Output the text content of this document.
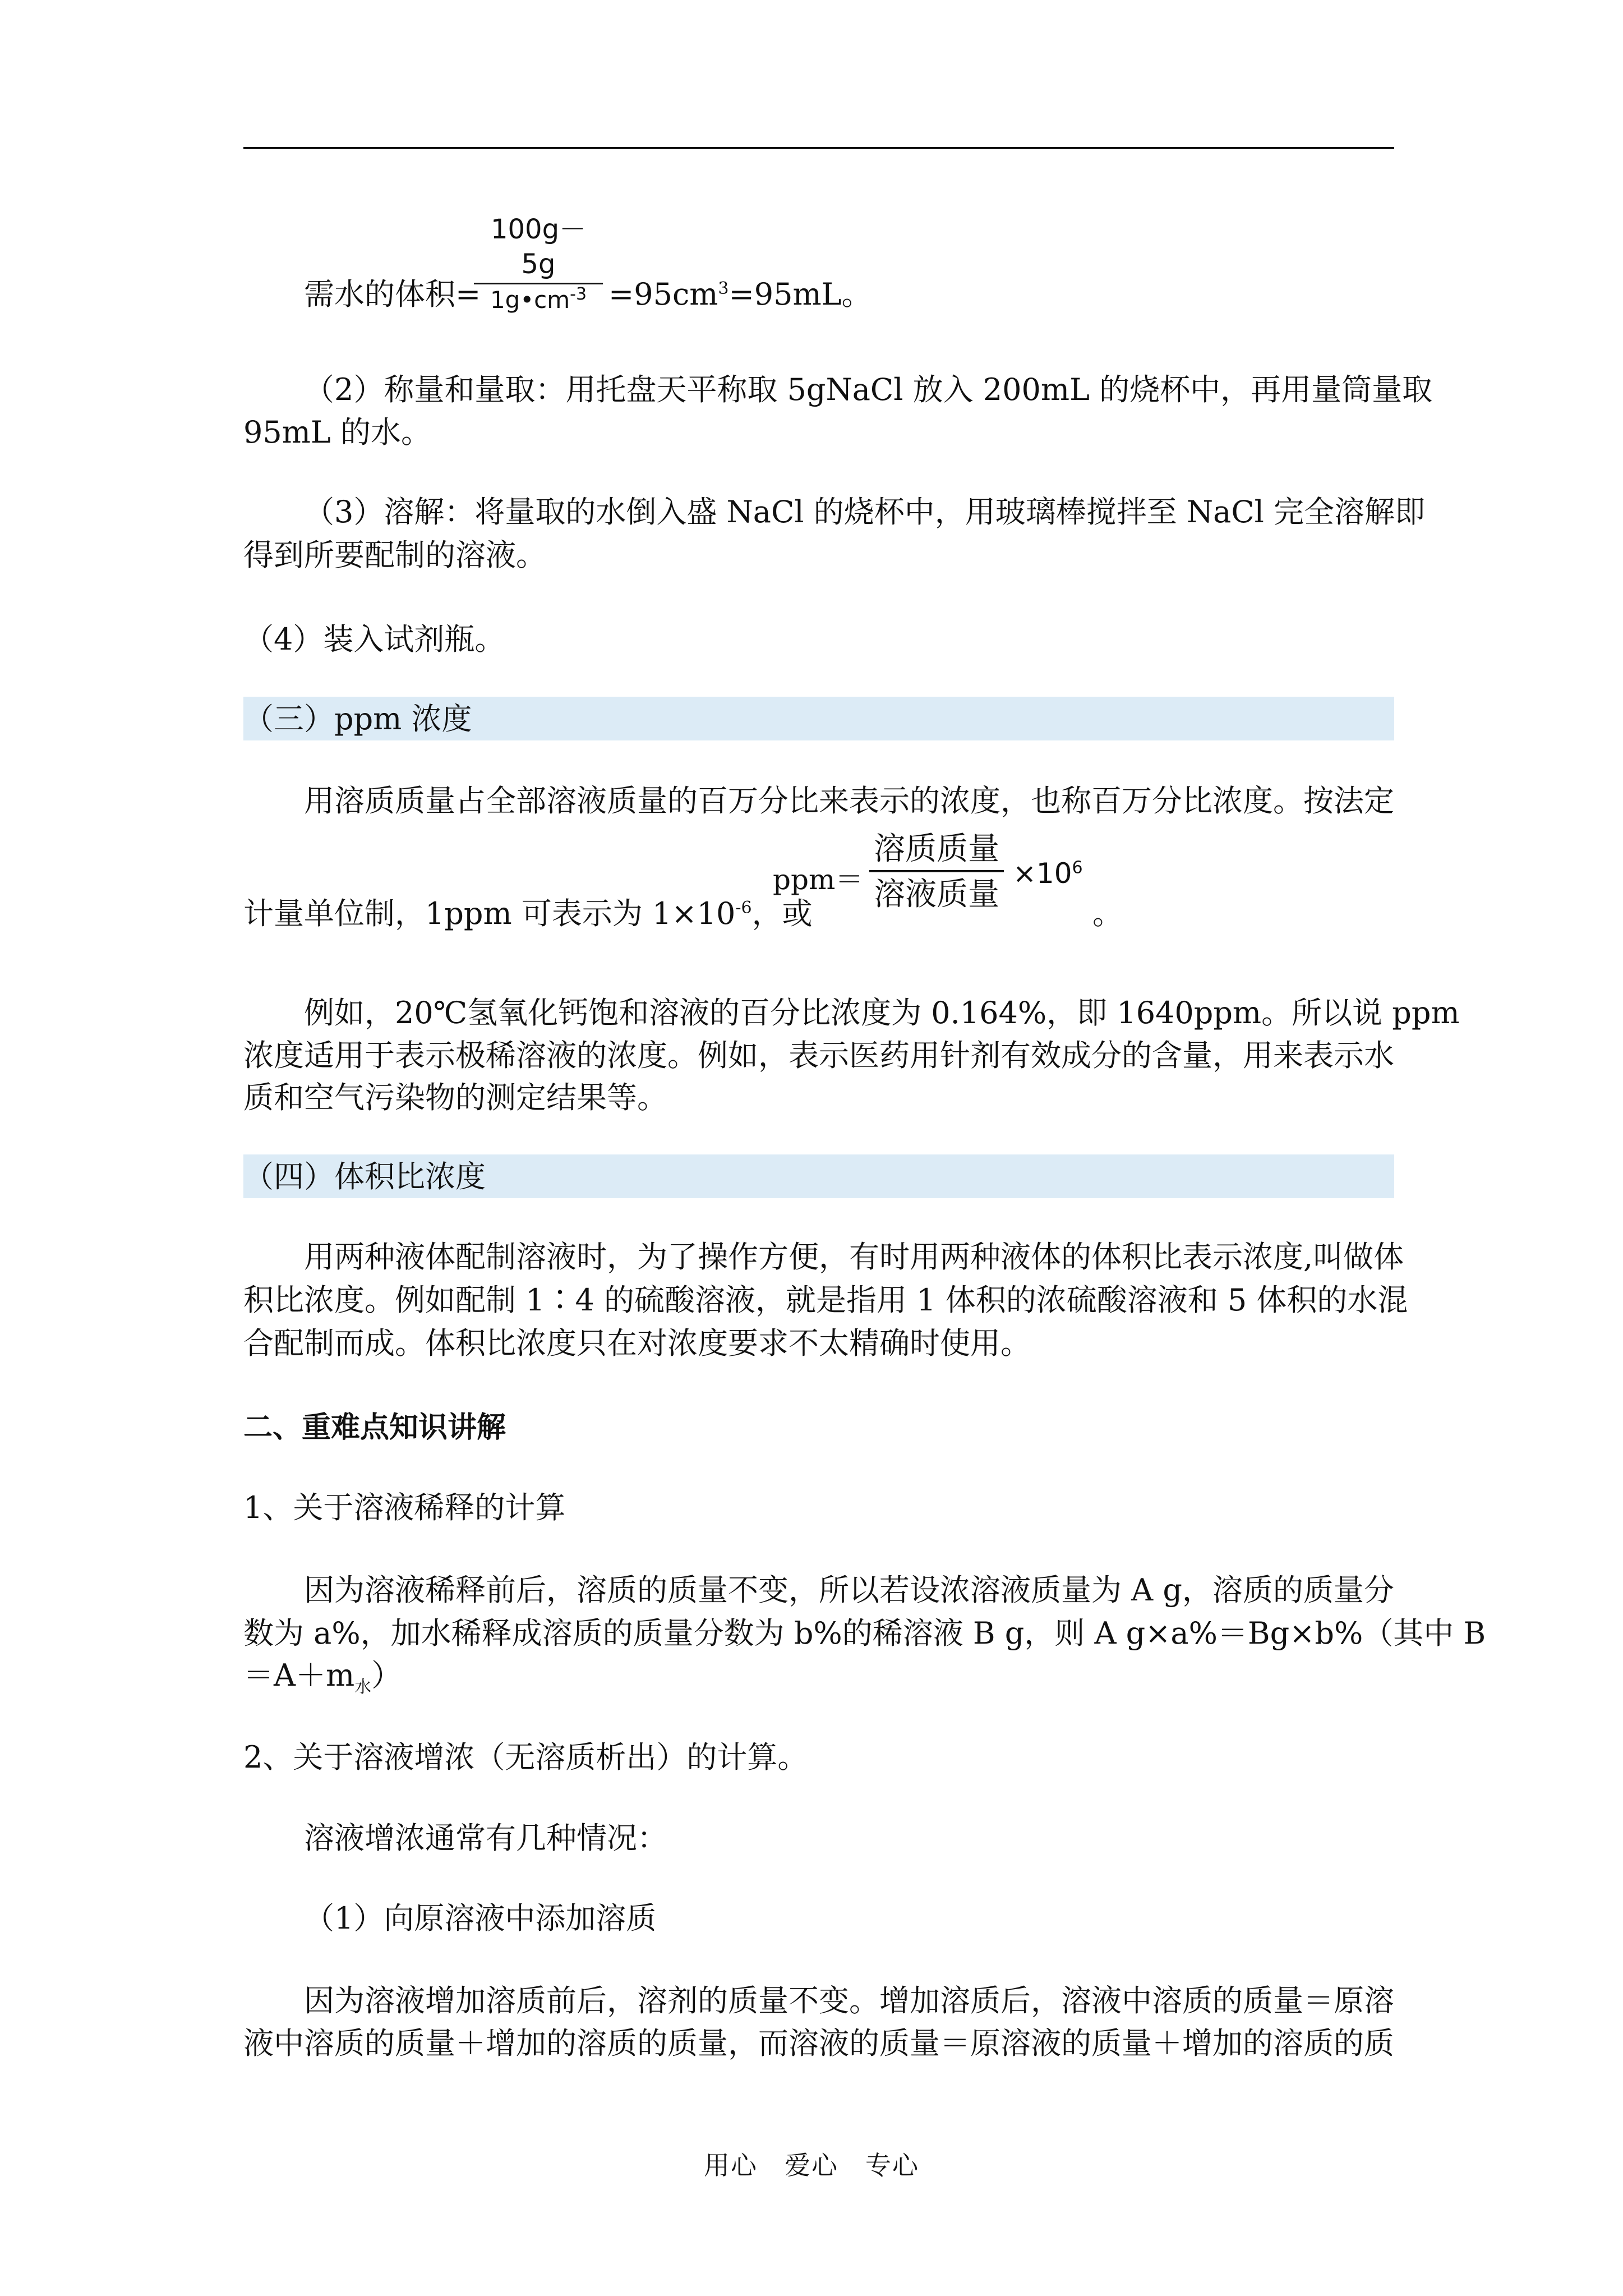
100g－5g
$1g•cm^{-3}$
需水的体积=	$=95cm^3=95mL$。
（2）称量和量取：用托盘天平称取 5gNaCl 放入 200mL 的烧杯中，再用量筒量取
95mL 的水。
（3）溶解：将量取的水倒入盛 NaCl 的烧杯中，用玻璃棒搅拌至 NaCl 完全溶解即
得到所要配制的溶液。
（4）装入试剂瓶。
（三）ppm 浓度
用溶质质量占全部溶液质量的百万分比来表示的浓度，也称百万分比浓度。按法定
计量单位制，1ppm 可表示为 $1\times 10^{-6}$，或
ppm＝
溶质质量
溶液质量
$\times 10^6$
。
例如，20℃氢氧化钙饱和溶液的百分比浓度为 0.164%，即 1640ppm。所以说 ppm
浓度适用于表示极稀溶液的浓度。例如，表示医药用针剂有效成分的含量，用来表示水
质和空气污染物的测定结果等。
（四）体积比浓度
用两种液体配制溶液时，为了操作方便，有时用两种液体的体积比表示浓度,叫做体
积比浓度。例如配制 1∶4 的硫酸溶液，就是指用 1 体积的浓硫酸溶液和 5 体积的水混
合配制而成。体积比浓度只在对浓度要求不太精确时使用。
二、重难点知识讲解
1、关于溶液稀释的计算
因为溶液稀释前后，溶质的质量不变，所以若设浓溶液质量为 A g，溶质的质量分
数为 a%，加水稀释成溶质的质量分数为 b%的稀溶液 B g，则 A g×a%＝Bg×b%（其中 B
$=A+m_水$）
2、关于溶液增浓（无溶质析出）的计算。
溶液增浓通常有几种情况：
（1）向原溶液中添加溶质
因为溶液增加溶质前后，溶剂的质量不变。增加溶质后，溶液中溶质的质量＝原溶
液中溶质的质量＋增加的溶质的质量，而溶液的质量＝原溶液的质量＋增加的溶质的质
用心　爱心　专心
